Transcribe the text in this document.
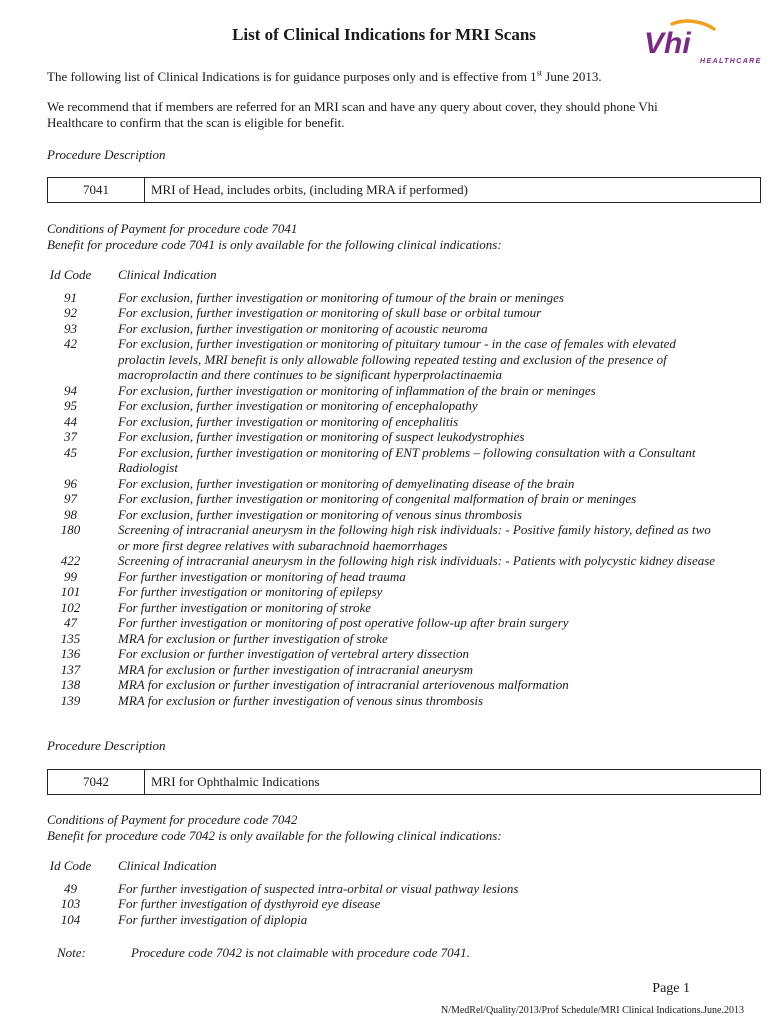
List of Clinical Indications for MRI Scans	Vhi
HEALTHCARE
The following list of Clinical Indications is for guidance purposes only and is effective from 1st June 2013.
We recommend that if members are referred for an MRI scan and have any query about cover, they should phone Vhi Healthcare to confirm that the scan is eligible for benefit.
Procedure Description
7041	MRI of Head, includes orbits, (including MRA if performed)
Conditions of Payment for procedure code 7041
Benefit for procedure code 7041 is only available for the following clinical indications:
Id Code	Clinical Indication
91	For exclusion, further investigation or monitoring of tumour of the brain or meninges
92	For exclusion, further investigation or monitoring of skull base or orbital tumour
93	For exclusion, further investigation or monitoring of acoustic neuroma
42	For exclusion, further investigation or monitoring of pituitary tumour - in the case of females with elevated prolactin levels, MRI benefit is only allowable following repeated testing and exclusion of the presence of macroprolactin and there continues to be significant hyperprolactinaemia
94	For exclusion, further investigation or monitoring of inflammation of the brain or meninges
95	For exclusion, further investigation or monitoring of encephalopathy
44	For exclusion, further investigation or monitoring of encephalitis
37	For exclusion, further investigation or monitoring of suspect leukodystrophies
45	For exclusion, further investigation or monitoring of ENT problems – following consultation with a Consultant Radiologist
96	For exclusion, further investigation or monitoring of demyelinating disease of the brain
97	For exclusion, further investigation or monitoring of congenital malformation of brain or meninges
98	For exclusion, further investigation or monitoring of venous sinus thrombosis
180	Screening of intracranial aneurysm in the following high risk individuals: - Positive family history, defined as two or more first degree relatives with subarachnoid haemorrhages
422	Screening of intracranial aneurysm in the following high risk individuals: - Patients with polycystic kidney disease
99	For further investigation or monitoring of head trauma
101	For further investigation or monitoring of epilepsy
102	For further investigation or monitoring of stroke
47	For further investigation or monitoring of post operative follow-up after brain surgery
135	MRA for exclusion or further investigation of stroke
136	For exclusion or further investigation of vertebral artery dissection
137	MRA for exclusion or further investigation of intracranial aneurysm
138	MRA for exclusion or further investigation of intracranial arteriovenous malformation
139	MRA for exclusion or further investigation of venous sinus thrombosis
Procedure Description
7042	MRI for Ophthalmic Indications
Conditions of Payment for procedure code 7042
Benefit for procedure code 7042 is only available for the following clinical indications:
Id Code	Clinical Indication
49	For further investigation of suspected intra-orbital or visual pathway lesions
103	For further investigation of dysthyroid eye disease
104	For further investigation of diplopia
Note:	Procedure code 7042 is not claimable with procedure code 7041.
Page 1
N/MedRel/Quality/2013/Prof Schedule/MRI Clinical Indications.June.2013
